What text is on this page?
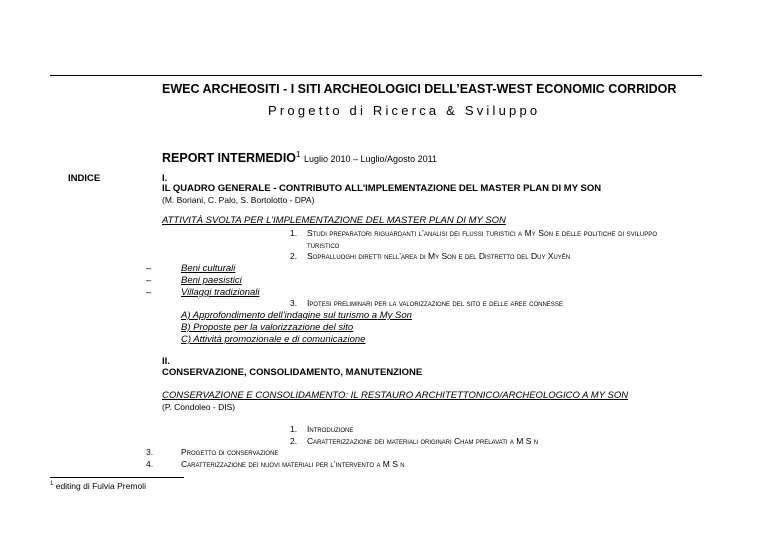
EWEC ARCHEOSITI - I SITI ARCHEOLOGICI DELL’EAST-WEST ECONOMIC CORRIDOR
Progetto di Ricerca & Sviluppo
REPORT INTERMEDIO$^1$ Luglio 2010 – Luglio/Agosto 2011
INDICE	I.
IL QUADRO GENERALE - CONTRIBUTO ALL'IMPLEMENTAZIONE DEL MASTER PLAN DI MY SON
(M. Boriani, C. Palo, S. Bortolotto - DPA)
ATTIVITÀ SVOLTA PER L’IMPLEMENTAZIONE DEL MASTER PLAN DI MY SON
1. Studi preparatori riguardanti l’analisi dei flussi turistici a My Son e delle politiche di sviluppo
turistico
2. Sopralluoghi diretti nell’area di My Son e del Distretto del Duy Xuyên
–	Beni culturali
–	Beni paesistici
–	Villaggi tradizionali
3. Ipotesi preliminari per la valorizzazione del sito e delle aree connesse
A) Approfondimento dell’indagine sul turismo a My Son
B) Proposte per la valorizzazione del sito
C) Attività promozionale e di comunicazione
II.
CONSERVAZIONE, CONSOLIDAMENTO, MANUTENZIONE
CONSERVAZIONE E CONSOLIDAMENTO: IL RESTAURO ARCHITETTONICO/ARCHEOLOGICO A MY SON
(P. Condoleo - DIS)
1. Introduzione
2. Caratterizzazione dei materiali originari Cham prelavati a M S n
3.	Progetto di conservazione
4.	Caratterizzazione dei nuovi materiali per l’intervento a M S n
$^1$ editing di Fulvia Premoli
